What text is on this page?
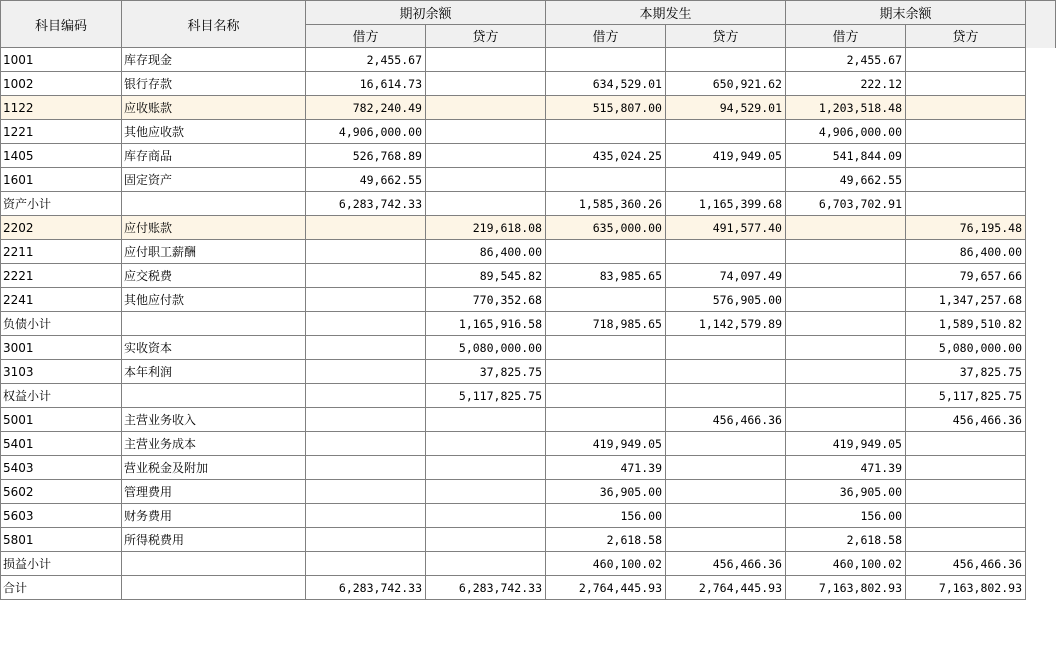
科目编码	科目名称	期初余额		本期发生		期末余额		
		借方	贷方	借方	贷方	借方	贷方	
1001	库存现金	2,455.67				2,455.67		
1002	银行存款	16,614.73		634,529.01	650,921.62	222.12		
1122	应收账款	782,240.49		515,807.00	94,529.01	1,203,518.48		
1221	其他应收款	4,906,000.00				4,906,000.00		
1405	库存商品	526,768.89		435,024.25	419,949.05	541,844.09		
1601	固定资产	49,662.55				49,662.55		
资产小计		6,283,742.33		1,585,360.26	1,165,399.68	6,703,702.91		
2202	应付账款		219,618.08	635,000.00	491,577.40		76,195.48	
2211	应付职工薪酬		86,400.00				86,400.00	
2221	应交税费		89,545.82	83,985.65	74,097.49		79,657.66	
2241	其他应付款		770,352.68		576,905.00		1,347,257.68	
负债小计			1,165,916.58	718,985.65	1,142,579.89		1,589,510.82	
3001	实收资本		5,080,000.00				5,080,000.00	
3103	本年利润		37,825.75				37,825.75	
权益小计			5,117,825.75				5,117,825.75	
5001	主营业务收入				456,466.36		456,466.36	
5401	主营业务成本			419,949.05		419,949.05		
5403	营业税金及附加			471.39		471.39		
5602	管理费用			36,905.00		36,905.00		
5603	财务费用			156.00		156.00		
5801	所得税费用			2,618.58		2,618.58		
损益小计				460,100.02	456,466.36	460,100.02	456,466.36	
合计		6,283,742.33	6,283,742.33	2,764,445.93	2,764,445.93	7,163,802.93	7,163,802.93	
